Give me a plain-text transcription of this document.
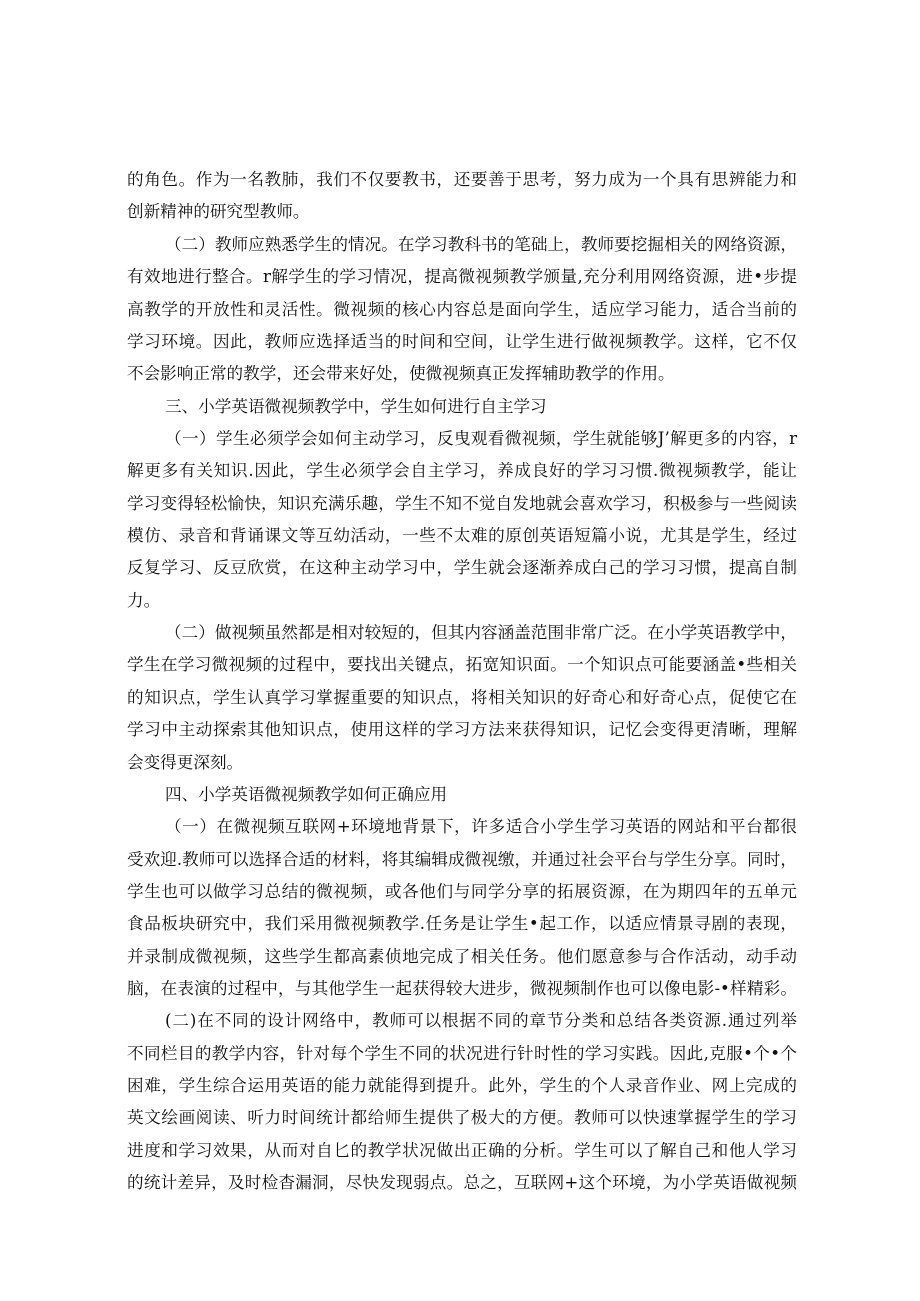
的角色。作为一名教肺，我们不仅要教书，还要善于思考，努力成为一个具有思辨能力和
创新精神的研究型教师。
（二）教师应熟悉学生的情况。在学习教科书的笔础上，教师要挖掘相关的网络资源，
有效地进行整合。r解学生的学习情况，提高微视频教学颁量,充分利用网络资源，进•步提
高教学的开放性和灵活性。微视频的核心内容总是面向学生，适应学习能力，适合当前的
学习环境。因此，教师应选择适当的时间和空间，让学生进行做视频教学。这样，它不仅
不会影响正常的教学，还会带来好处，使微视频真正发挥辅助教学的作用。
三、小学英语微视频教学中，学生如何进行自主学习
（一）学生必须学会如何主动学习，反曳观看微视频，学生就能够J’解更多的内容，r
解更多有关知识.因此，学生必须学会自主学习，养成良好的学习习惯.微视频教学，能让
学习变得轻松愉快，知识充满乐趣，学生不知不觉自发地就会喜欢学习，积极参与一些阅读
模仿、录音和背诵课文等互幼活动，一些不太难的原创英语短篇小说，尤其是学生，经过
反复学习、反豆欣赏，在这种主动学习中，学生就会逐渐养成白己的学习习惯，提高自制
力。
（二）做视频虽然都是相对较短的，但其内容涵盖范围非常广泛。在小学英语教学中，
学生在学习微视频的过程中，要找出关键点，拓宽知识面。一个知识点可能要涵盖•些相关
的知识点，学生认真学习掌握重要的知识点，将相关知识的好奇心和好奇心点，促使它在
学习中主动探索其他知识点，使用这样的学习方法来获得知识，记忆会变得更清晰，理解
会变得更深刻。
四、小学英语微视频教学如何正确应用
（一）在微视频互联网+环境地背景下，许多适合小学生学习英语的网站和平台都很
受欢迎.教师可以选择合适的材料，将其编辑成微视缴，并通过社会平台与学生分享。同时，
学生也可以做学习总结的微视频，或各他们与同学分享的拓展资源，在为期四年的五单元
食品板块研究中，我们采用微视频教学.任务是让学生•起工作，以适应情景寻剧的表现，
并录制成微视频，这些学生都高素侦地完成了相关任务。他们愿意参与合作活动，动手动
脑，在表演的过程中，与其他学生一起获得较大进步，微视频制作也可以像电影-•样精彩。
(二)在不同的设计网络中，教师可以根据不同的章节分类和总结各类资源.通过列举
不同栏目的教学内容，针对每个学生不同的状况进行针时性的学习实践。因此,克服•个•个
困难，学生综合运用英语的能力就能得到提升。此外，学生的个人录音作业、网上完成的
英文绘画阅读、听力时间统计都给师生提供了极大的方便。教师可以快速掌握学生的学习
进度和学习效果，从而对自匕的教学状况做出正确的分析。学生可以了解自己和他人学习
的统计差异，及时检杳漏洞，尽快发现弱点。总之，互联网+这个环境，为小学英语做视频
